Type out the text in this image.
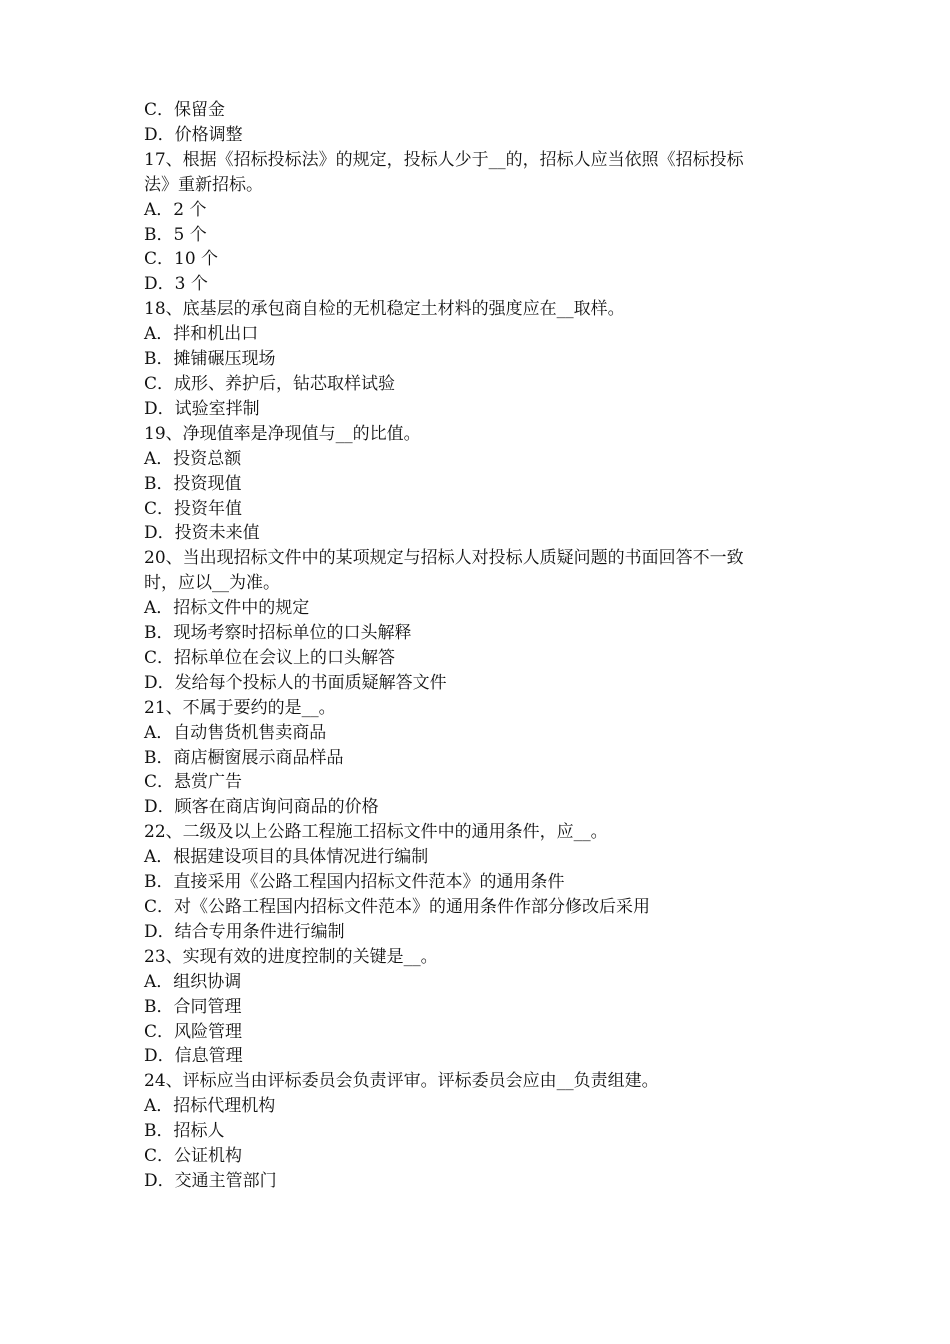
C．保留金
D．价格调整
17、根据《招标投标法》的规定，投标人少于__的，招标人应当依照《招标投标
法》重新招标。
A．2 个
B．5 个
C．10 个
D．3 个
18、底基层的承包商自检的无机稳定土材料的强度应在__取样。
A．拌和机出口
B．摊铺碾压现场
C．成形、养护后，钻芯取样试验
D．试验室拌制
19、净现值率是净现值与__的比值。
A．投资总额
B．投资现值
C．投资年值
D．投资未来值
20、当出现招标文件中的某项规定与招标人对投标人质疑问题的书面回答不一致
时，应以__为准。
A．招标文件中的规定
B．现场考察时招标单位的口头解释
C．招标单位在会议上的口头解答
D．发给每个投标人的书面质疑解答文件
21、不属于要约的是__。
A．自动售货机售卖商品
B．商店橱窗展示商品样品
C．悬赏广告
D．顾客在商店询问商品的价格
22、二级及以上公路工程施工招标文件中的通用条件，应__。
A．根据建设项目的具体情况进行编制
B．直接采用《公路工程国内招标文件范本》的通用条件
C．对《公路工程国内招标文件范本》的通用条件作部分修改后采用
D．结合专用条件进行编制
23、实现有效的进度控制的关键是__。
A．组织协调
B．合同管理
C．风险管理
D．信息管理
24、评标应当由评标委员会负责评审。评标委员会应由__负责组建。
A．招标代理机构
B．招标人
C．公证机构
D．交通主管部门
